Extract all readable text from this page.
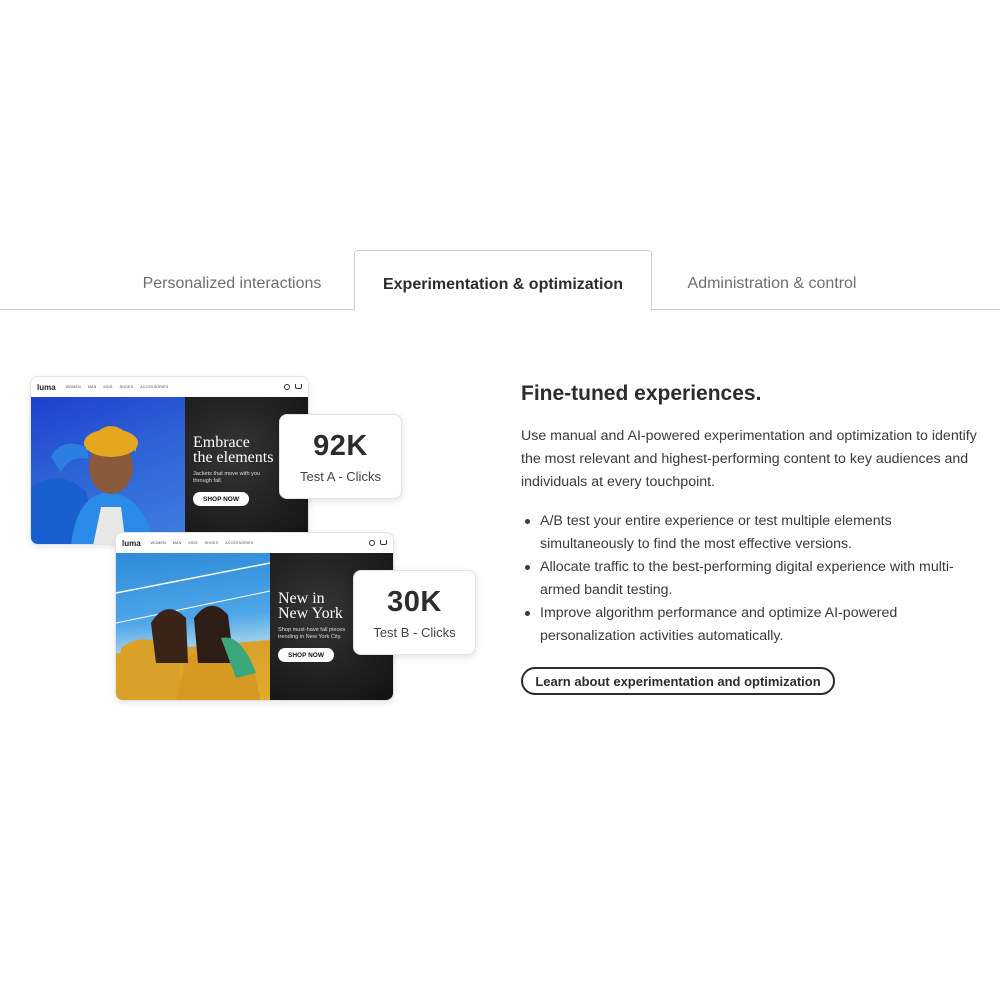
Personalized interactions	Experimentation & optimization	Administration & control
luma	WOMEN MAN KIDS SHOES ACCESSORIES
Embrace
the elements
Jackets that move with you through fall.
SHOP NOW
luma	WOMEN MAN KIDS SHOES ACCESSORIES
New in
New York
Shop must-have fall pieces trending in New York City.
SHOP NOW
92K
Test A - Clicks
30K
Test B - Clicks
Fine-tuned experiences.

Use manual and AI-powered experimentation and optimization to identify the most relevant and highest-performing content to key audiences and individuals at every touchpoint.

A/B test your entire experience or test multiple elements simultaneously to find the most effective versions.
Allocate traffic to the best-performing digital experience with multi-armed bandit testing.
Improve algorithm performance and optimize AI-powered personalization activities automatically.
Learn about experimentation and optimization
